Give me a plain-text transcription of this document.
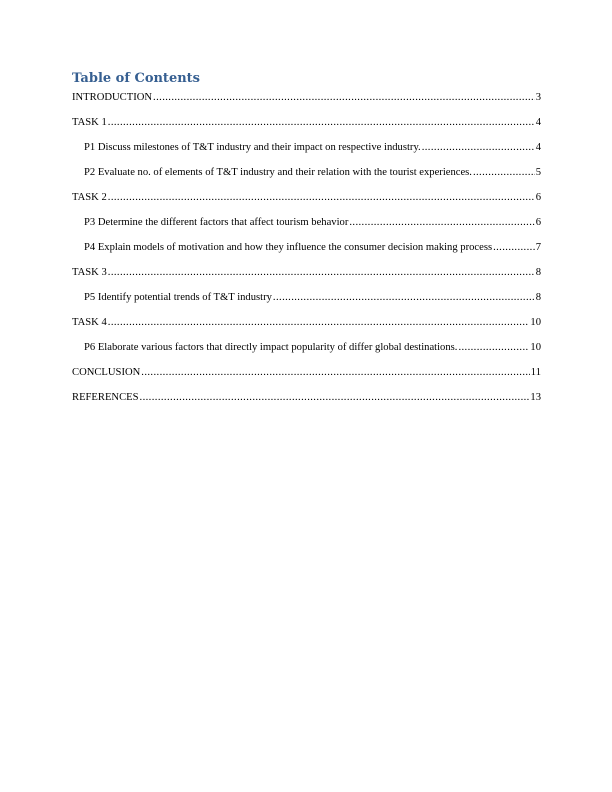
Table of Contents
INTRODUCTION .....	3
TASK 1 .....	4
P1 Discuss milestones of T&T industry and their impact on respective industry. .....	4
P2 Evaluate no. of elements of T&T industry and their relation with the tourist experiences. .....	5
TASK 2 .....	6
P3 Determine the different factors that affect tourism behavior .....	6
P4 Explain models of motivation and how they influence the consumer decision making process .....	7
TASK 3 .....	8
P5 Identify potential trends of T&T industry .....	8
TASK 4 .....	10
P6 Elaborate various factors that directly impact popularity of differ global destinations. .....	10
CONCLUSION .....	11
REFERENCES .....	13
